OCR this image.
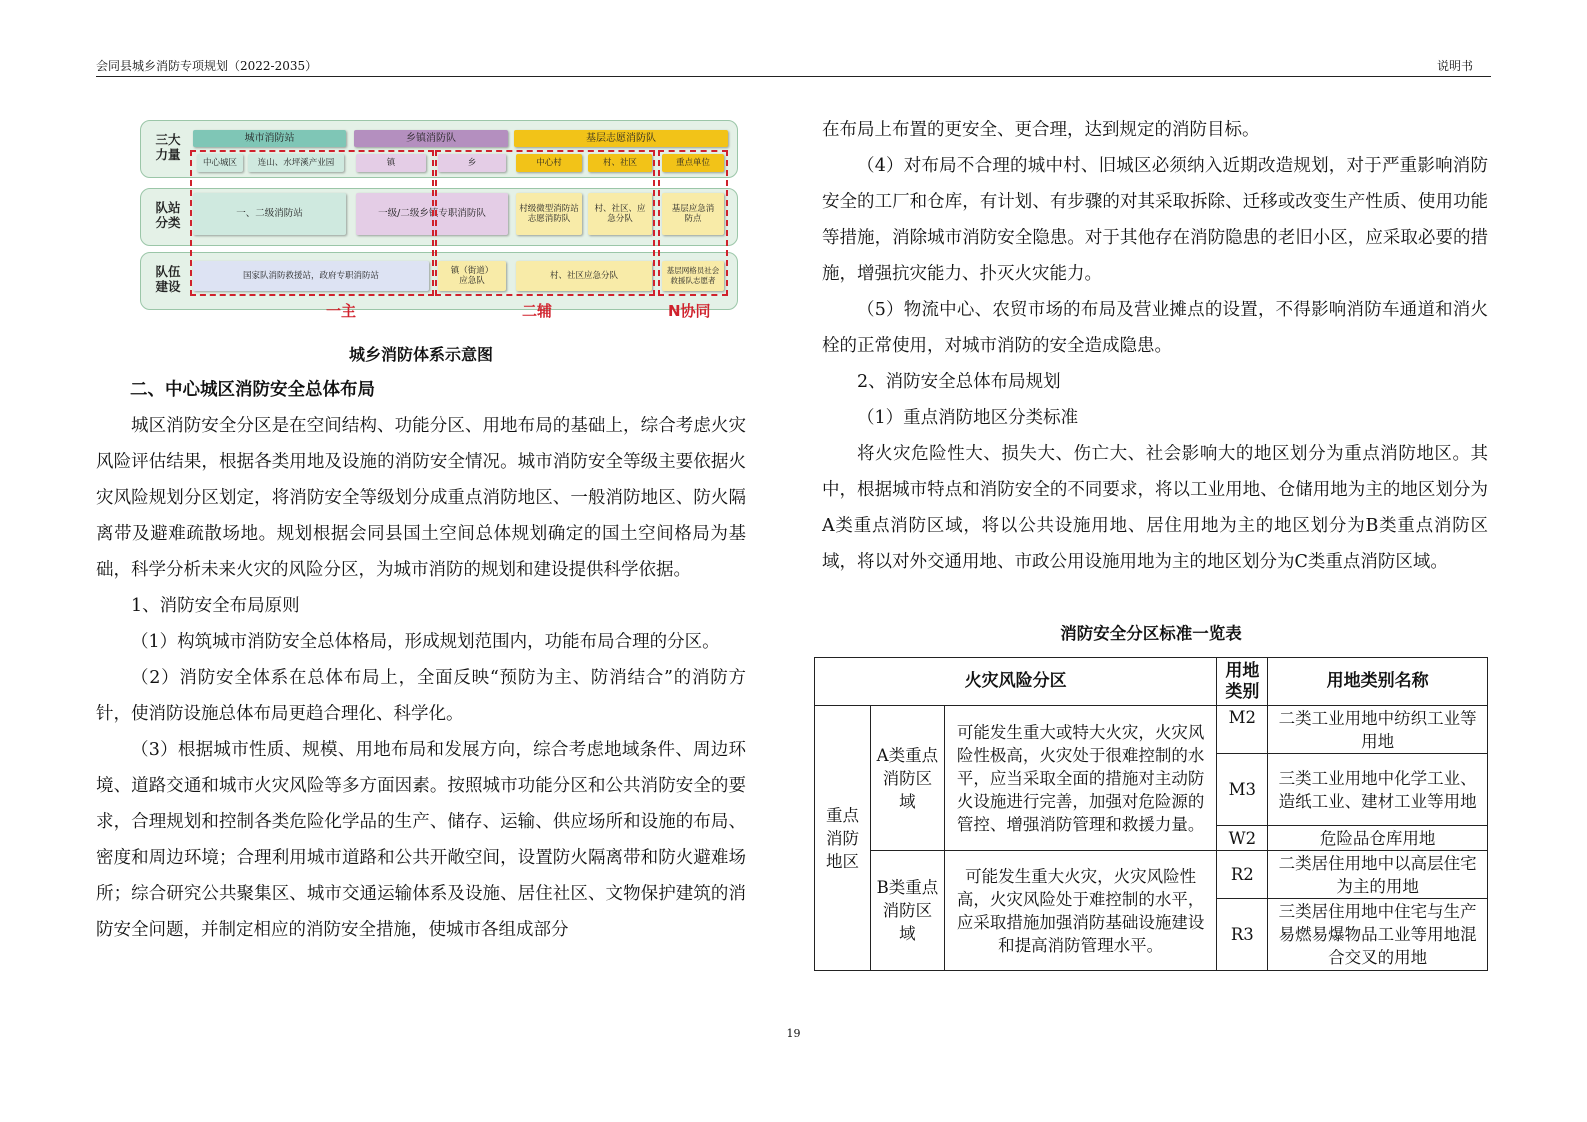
会同县城乡消防专项规划（2022-2035）	说明书
三大
力量
队站
分类
队伍
建设
城市消防站	乡镇消防队	基层志愿消防队
中心城区	连山、水坪溪产业园	镇	乡	中心村	村、社区	重点单位
一、二级消防站	一级/二级乡镇专职消防队	村级微型消防站志愿消防队
村、社区、应急分队
基层应急消防点
国家队消防救援站，政府专职消防站	镇（街道）应急队	村、社区应急分队
基层网格员社会救援队志愿者
一主	二辅	N协同
城乡消防体系示意图
二、中心城区消防安全总体布局
城区消防安全分区是在空间结构、功能分区、用地布局的基础上，综合考虑火灾风险评估结果，根据各类用地及设施的消防安全情况。城市消防安全等级主要依据火灾风险规划分区划定，将消防安全等级划分成重点消防地区、一般消防地区、防火隔离带及避难疏散场地。规划根据会同县国土空间总体规划确定的国土空间格局为基础，科学分析未来火灾的风险分区，为城市消防的规划和建设提供科学依据。
1、消防安全布局原则
（1）构筑城市消防安全总体格局，形成规划范围内，功能布局合理的分区。
（2）消防安全体系在总体布局上，全面反映“预防为主、防消结合”的消防方针，使消防设施总体布局更趋合理化、科学化。
（3）根据城市性质、规模、用地布局和发展方向，综合考虑地域条件、周边环境、道路交通和城市火灾风险等多方面因素。按照城市功能分区和公共消防安全的要求，合理规划和控制各类危险化学品的生产、储存、运输、供应场所和设施的布局、密度和周边环境；合理利用城市道路和公共开敞空间，设置防火隔离带和防火避难场所；综合研究公共聚集区、城市交通运输体系及设施、居住社区、文物保护建筑的消防安全问题，并制定相应的消防安全措施，使城市各组成部分
在布局上布置的更安全、更合理，达到规定的消防目标。
（4）对布局不合理的城中村、旧城区必须纳入近期改造规划，对于严重影响消防安全的工厂和仓库，有计划、有步骤的对其采取拆除、迁移或改变生产性质、使用功能等措施，消除城市消防安全隐患。对于其他存在消防隐患的老旧小区，应采取必要的措施，增强抗灾能力、扑灭火灾能力。
（5）物流中心、农贸市场的布局及营业摊点的设置，不得影响消防车通道和消火栓的正常使用，对城市消防的安全造成隐患。
2、消防安全总体布局规划
（1）重点消防地区分类标准
将火灾危险性大、损失大、伤亡大、社会影响大的地区划分为重点消防地区。其中，根据城市特点和消防安全的不同要求，将以工业用地、仓储用地为主的地区划分为A类重点消防区域，将以公共设施用地、居住用地为主的地区划分为B类重点消防区域，将以对外交通用地、市政公用设施用地为主的地区划分为C类重点消防区域。
消防安全分区标准一览表
火灾风险分区			用地类别	用地类别名称
重点消防地区	A类重点消防区域	可能发生重大或特大火灾，火灾风险性极高，火灾处于很难控制的水平，应当采取全面的措施对主动防火设施进行完善，加强对危险源的管控、增强消防管理和救援力量。	M2	二类工业用地中纺织工业等用地
			M3	三类工业用地中化学工业、造纸工业、建材工业等用地
			W2	危险品仓库用地
	B类重点消防区域	可能发生重大火灾，火灾风险性高，火灾风险处于难控制的水平，应采取措施加强消防基础设施建设和提高消防管理水平。	R2	二类居住用地中以高层住宅为主的用地
			R3	三类居住用地中住宅与生产易燃易爆物品工业等用地混合交叉的用地
19
